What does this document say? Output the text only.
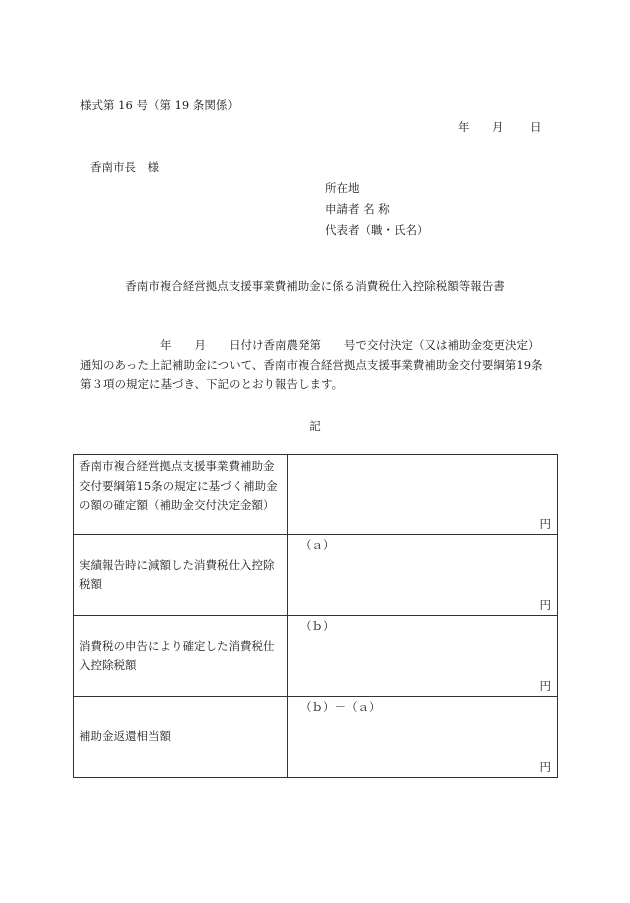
様式第 16 号（第 19 条関係）
年 月 日
香南市長　様
所在地
申請者 名 称
代表者（職・氏名）
香南市複合経営拠点支援事業費補助金に係る消費税仕入控除税額等報告書
年　　月　　日付け香南農発第　　号で交付決定（又は補助金変更決定）
通知のあった上記補助金について、香南市複合経営拠点支援事業費補助金交付要綱第19条
第３項の規定に基づき、下記のとおり報告します。
記
香南市複合経営拠点支援事業費補助金交付要綱第15条の規定に基づく補助金の額の確定額（補助金交付決定金額）	円

実績報告時に減額した消費税仕入控除税額	（ａ）
円

消費税の申告により確定した消費税仕入控除税額	（ｂ）
円

補助金返還相当額	（ｂ）－（ａ）
円
